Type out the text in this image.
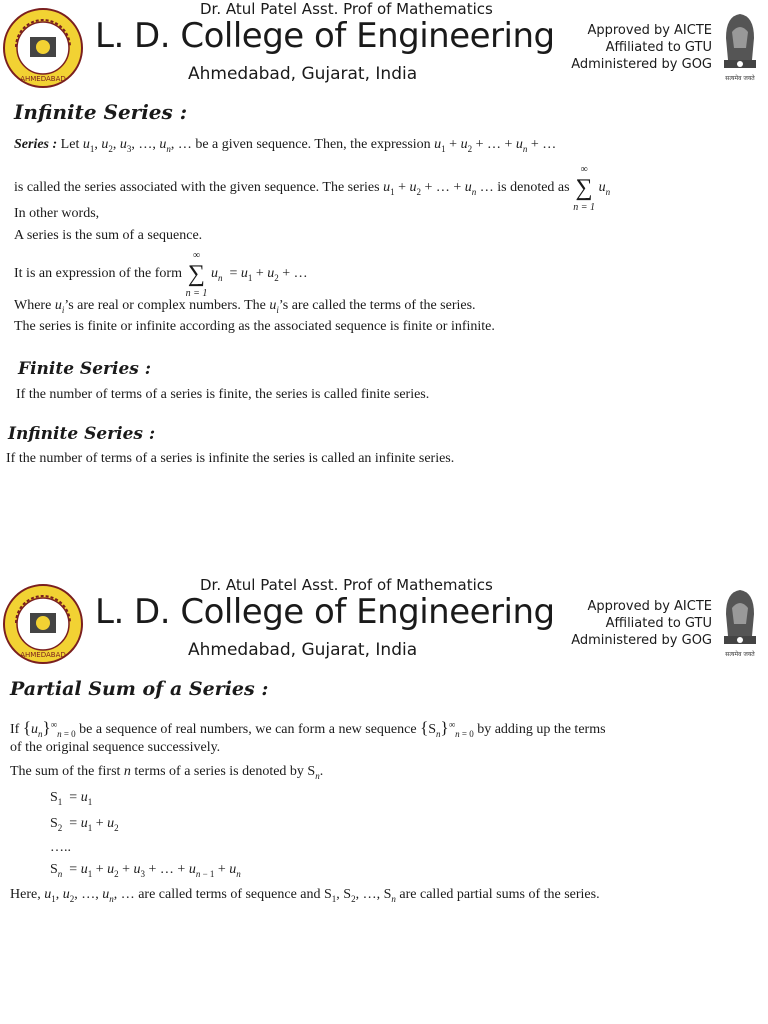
AHMEDABAD
Dr. Atul Patel Asst. Prof of Mathematics
L. D. College of Engineering
Ahmedabad, Gujarat, India
Approved by AICTE
Affiliated to GTU
Administered by GOG
सत्यमेव जयते
Infinite Series :
Series : Let $u_1$, $u_2$, $u_3$, …, $u_n$, … be a given sequence. Then, the expression $u_1 + u_2$ + … + $u_n$ + …
is called the series associated with the given sequence. The series $u_1 + u_2$ + … + $u_n$ … is denoted as
∞
∑
n = 1
$u_n$
In other words,
A series is the sum of a sequence.
It is an expression of the form
∞
∑
n = 1
$u_n = u_1 + u_2$ + …
Where $u_i’s$ are real or complex numbers. The $u_i’s$ are called the terms of the series.
The series is finite or infinite according as the associated sequence is finite or infinite.
Finite Series :
If the number of terms of a series is finite, the series is called finite series.
Infinite Series :
If the number of terms of a series is infinite the series is called an infinite series.
AHMEDABAD
Dr. Atul Patel Asst. Prof of Mathematics
L. D. College of Engineering
Ahmedabad, Gujarat, India
Approved by AICTE
Affiliated to GTU
Administered by GOG
सत्यमेव जयते
Partial Sum of a Series :
If $\{u_n\}^\infty_{n = 0}$ be a sequence of real numbers, we can form a new sequence $\{S_n\}^\infty_{n = 0}$ by adding up the terms
of the original sequence successively.
The sum of the first n terms of a series is denoted by $S_n$.
$S_1 = u_1$
$S_2 = u_1 + u_2$
…..
$S_n = u_1 + u_2 + u_3$ + … + $u_{n - 1} + u_n$
Here, $u_1$, $u_2$, …, $u_n$, … are called terms of sequence and $S_1$, $S_2$, …, $S_n$ are called partial sums of the series.
